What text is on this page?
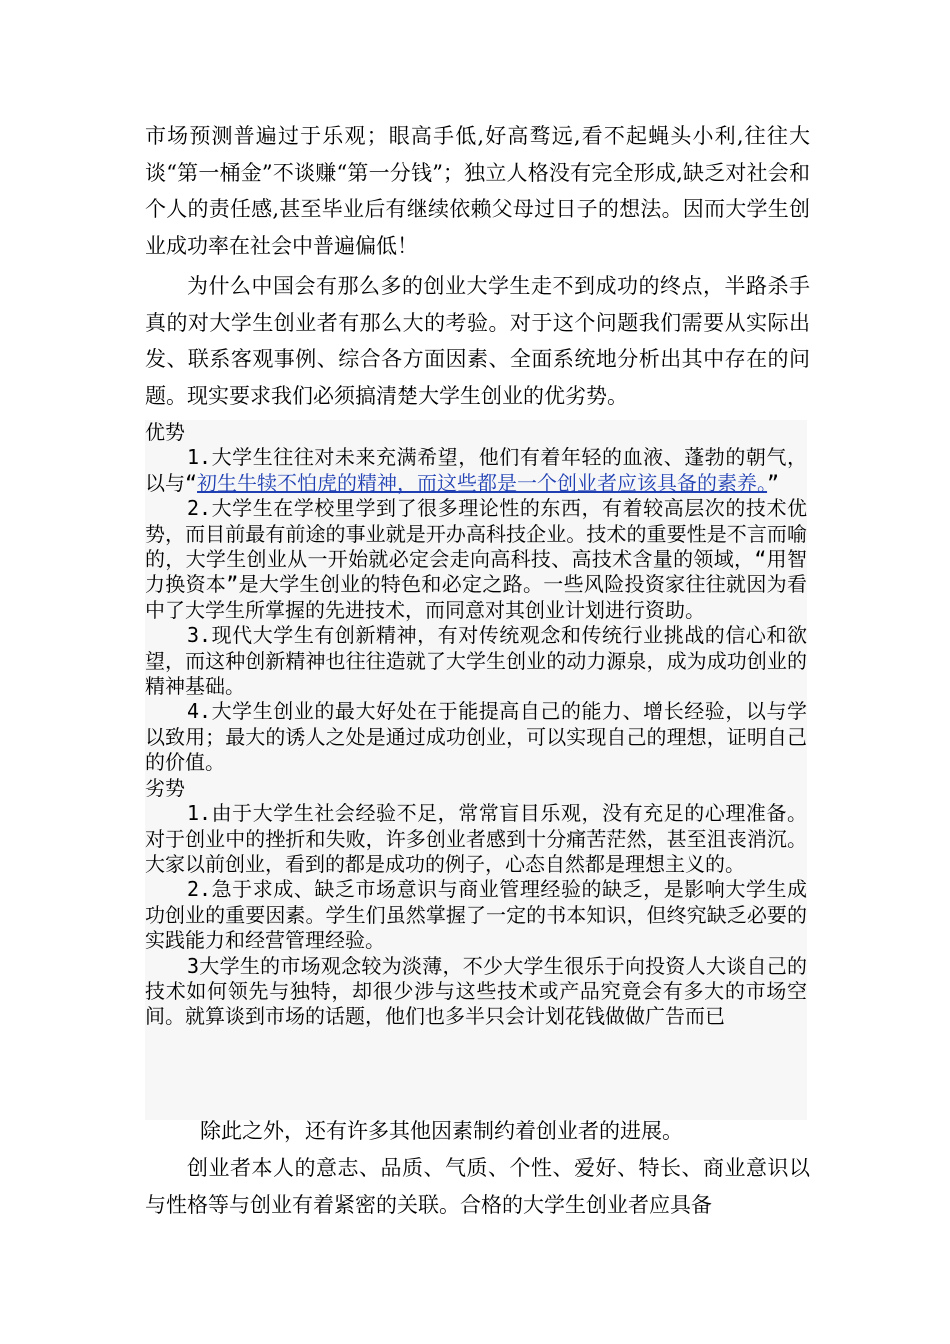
市场预测普遍过于乐观；眼高手低,好高骛远,看不起蝇头小利,往往大谈“第一桶金”不谈赚“第一分钱”；独立人格没有完全形成,缺乏对社会和个人的责任感,甚至毕业后有继续依赖父母过日子的想法。因而大学生创业成功率在社会中普遍偏低！

为什么中国会有那么多的创业大学生走不到成功的终点，半路杀手真的对大学生创业者有那么大的考验。对于这个问题我们需要从实际出发、联系客观事例、综合各方面因素、全面系统地分析出其中存在的问题。现实要求我们必须搞清楚大学生创业的优劣势。

优势

1.大学生往往对未来充满希望，他们有着年轻的血液、蓬勃的朝气，以与“初生牛犊不怕虎的精神，而这些都是一个创业者应该具备的素养。”

2.大学生在学校里学到了很多理论性的东西，有着较高层次的技术优势，而目前最有前途的事业就是开办高科技企业。技术的重要性是不言而喻的，大学生创业从一开始就必定会走向高科技、高技术含量的领域，“用智力换资本”是大学生创业的特色和必定之路。一些风险投资家往往就因为看中了大学生所掌握的先进技术，而同意对其创业计划进行资助。

3.现代大学生有创新精神，有对传统观念和传统行业挑战的信心和欲望，而这种创新精神也往往造就了大学生创业的动力源泉，成为成功创业的精神基础。

4.大学生创业的最大好处在于能提高自己的能力、增长经验，以与学以致用；最大的诱人之处是通过成功创业，可以实现自己的理想，证明自己的价值。

劣势

1.由于大学生社会经验不足，常常盲目乐观，没有充足的心理准备。对于创业中的挫折和失败，许多创业者感到十分痛苦茫然，甚至沮丧消沉。大家以前创业，看到的都是成功的例子，心态自然都是理想主义的。

2.急于求成、缺乏市场意识与商业管理经验的缺乏，是影响大学生成功创业的重要因素。学生们虽然掌握了一定的书本知识，但终究缺乏必要的实践能力和经营管理经验。

3大学生的市场观念较为淡薄，不少大学生很乐于向投资人大谈自己的技术如何领先与独特，却很少涉与这些技术或产品究竟会有多大的市场空间。就算谈到市场的话题，他们也多半只会计划花钱做做广告而已

除此之外，还有许多其他因素制约着创业者的进展。

创业者本人的意志、品质、气质、个性、爱好、特长、商业意识以与性格等与创业有着紧密的关联。合格的大学生创业者应具备
